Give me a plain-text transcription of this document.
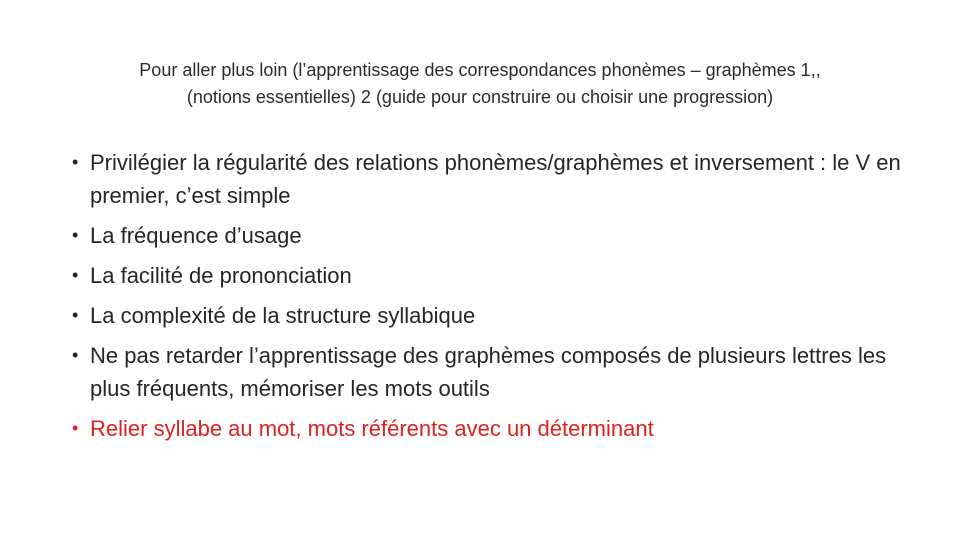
Pour aller plus loin (l’apprentissage des correspondances phonèmes – graphèmes 1,,
(notions essentielles) 2 (guide pour construire ou choisir une progression)
• Privilégier la régularité des relations phonèmes/graphèmes et inversement : le V en premier, c’est simple
• La fréquence d’usage
• La facilité de prononciation
• La complexité de la structure syllabique
• Ne pas retarder l’apprentissage des graphèmes composés de plusieurs lettres les plus fréquents, mémoriser les mots outils
• Relier syllabe au mot, mots référents avec un déterminant
